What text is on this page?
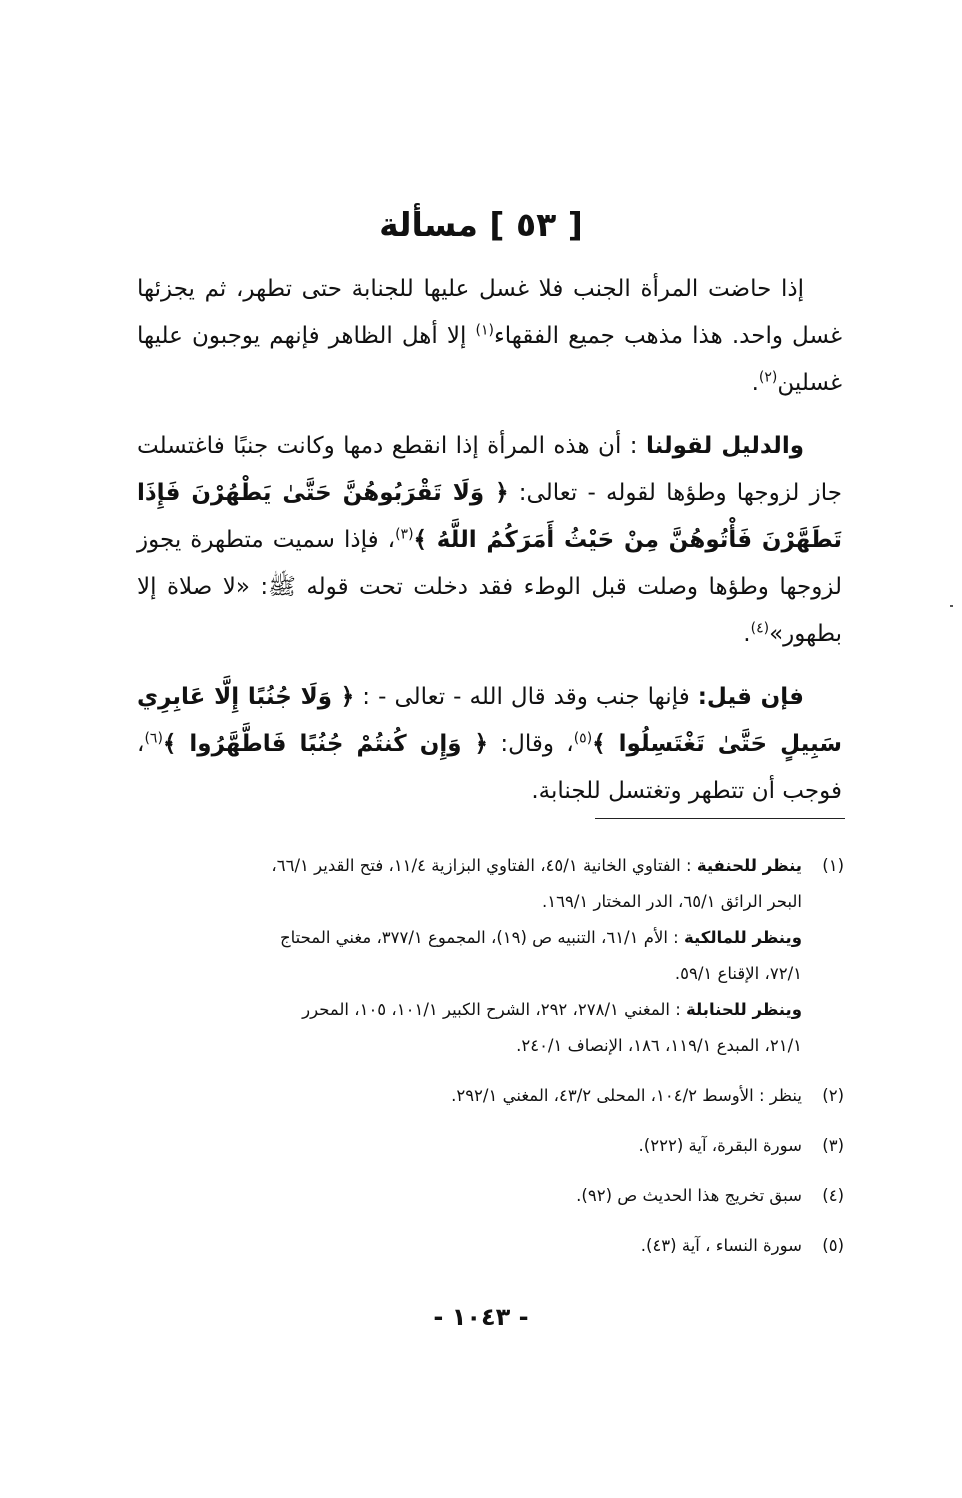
[ ٥٣ ] مسألة

إذا حاضت المرأة الجنب فلا غسل عليها للجنابة حتى تطهر، ثم يجزئها غسل واحد. هذا مذهب جميع الفقهاء$^{(١)}$ إلا أهل الظاهر فإنهم يوجبون عليها غسلين$^{(٢)}$.

والدليل لقولنا : أن هذه المرأة إذا انقطع دمها وكانت جنبًا فاغتسلت جاز لزوجها وطؤها لقوله - تعالى: ﴿ وَلَا تَقْرَبُوهُنَّ حَتَّىٰ يَطْهُرْنَ فَإِذَا تَطَهَّرْنَ فَأْتُوهُنَّ مِنْ حَيْثُ أَمَرَكُمُ اللَّهُ ﴾$^{(٣)}$، فإذا سميت متطهرة يجوز لزوجها وطؤها وصلت قبل الوطء فقد دخلت تحت قوله ﷺ: «لا صلاة إلا بطهور»$^{(٤)}$.

فإن قيل: فإنها جنب وقد قال الله - تعالى - : ﴿ وَلَا جُنُبًا إِلَّا عَابِرِي سَبِيلٍ حَتَّىٰ تَغْتَسِلُوا ﴾$^{(٥)}$، وقال: ﴿ وَإِن كُنتُمْ جُنُبًا فَاطَّهَّرُوا ﴾$^{(٦)}$، فوجب أن تتطهر وتغتسل للجنابة.

(١)
ينظر للحنفية : الفتاوي الخانية ٤٥/١، الفتاوي البزازية ١١/٤، فتح القدير ٦٦/١،
البحر الرائق ٦٥/١، الدر المختار ١٦٩/١.
وينظر للمالكية : الأم ٦١/١، التنبيه ص (١٩)، المجموع ٣٧٧/١، مغني المحتاج
٧٢/١، الإقناع ٥٩/١.
وينظر للحنابلة : المغني ٢٧٨/١، ٢٩٢، الشرح الكبير ١٠١/١، ١٠٥، المحرر
٢١/١، المبدع ١١٩/١، ١٨٦، الإنصاف ٢٤٠/١.
(٢)
ينظر : الأوسط ١٠٤/٢، المحلى ٤٣/٢، المغني ٢٩٢/١.
(٣)
سورة البقرة، آية (٢٢٢).
(٤)
سبق تخريج هذا الحديث ص (٩٢).
(٥)
سورة النساء ، آية (٤٣).
- ١٠٤٣ -
